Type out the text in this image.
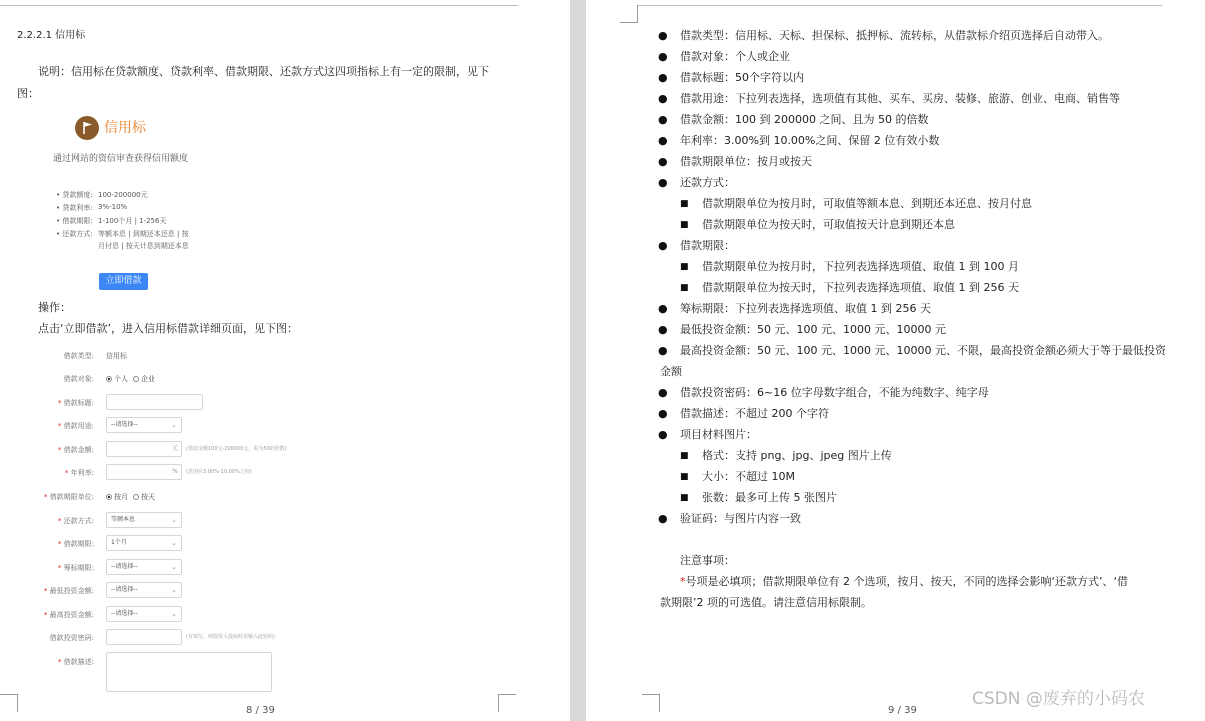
2.2.2.1 信用标
说明：信用标在贷款额度、贷款利率、借款期限、还款方式这四项指标上有一定的限制，见下
图：
信用标
通过网站的资信审查获得信用额度
• 贷款额度: 100-200000元
• 贷款利率: 3%-10%
• 借款期限: 1-100个月 | 1-256天
• 还款方式: 等额本息 | 到期还本还息 | 按
月付息 | 按天计息到期还本息
立即借款
操作：
点击‘立即借款’，进入信用标借款详细页面，见下图：
借款类型: 信用标
借款对象:	个人	企业
* 借款标题:
* 借款用途:	--请选择--	⌄
* 借款金额:	元 (借款金额100元-200000元，需为50的倍数)
* 年利率:	% (范围在3.00%-10.00%之间)
* 借款期限单位:	按月	按天
* 还款方式:	等额本息	⌄
* 借款期限:	1个月	⌄
* 筹标期限:	--请选择--	⌄
* 最低投资金额:	--请选择--	⌄
* 最高投资金额:	--请选择--	⌄
借款投资密码:	(有填写，则投资人投标时需输入此密码)
* 借款描述:
8 / 39
● 借款类型：信用标、天标、担保标、抵押标、流转标，从借款标介绍页选择后自动带入。
● 借款对象：个人或企业
● 借款标题：50个字符以内
● 借款用途：下拉列表选择，选项值有其他、买车、买房、装修、旅游、创业、电商、销售等
● 借款金额：100 到 200000 之间、且为 50 的倍数
● 年利率：3.00%到 10.00%之间、保留 2 位有效小数
● 借款期限单位：按月或按天
● 还款方式：
■ 借款期限单位为按月时，可取值等额本息、到期还本还息、按月付息
■ 借款期限单位为按天时，可取值按天计息到期还本息
● 借款期限：
■ 借款期限单位为按月时，下拉列表选择选项值、取值 1 到 100 月
■ 借款期限单位为按天时，下拉列表选择选项值、取值 1 到 256 天
● 筹标期限：下拉列表选择选项值、取值 1 到 256 天
● 最低投资金额：50 元、100 元、1000 元、10000 元
● 最高投资金额：50 元、100 元、1000 元、10000 元、不限，最高投资金额必须大于等于最低投资
金额
● 借款投资密码：6~16 位字母数字组合，不能为纯数字、纯字母
● 借款描述：不超过 200 个字符
● 项目材料图片：
■ 格式：支持 png、jpg、jpeg 图片上传
■ 大小：不超过 10M
■ 张数：最多可上传 5 张图片
● 验证码：与图片内容一致
注意事项：
*号项是必填项；借款期限单位有 2 个选项，按月、按天，不同的选择会影响‘还款方式’、‘借
款期限’2 项的可选值。请注意信用标限制。
9 / 39
CSDN @废弃的小码农
